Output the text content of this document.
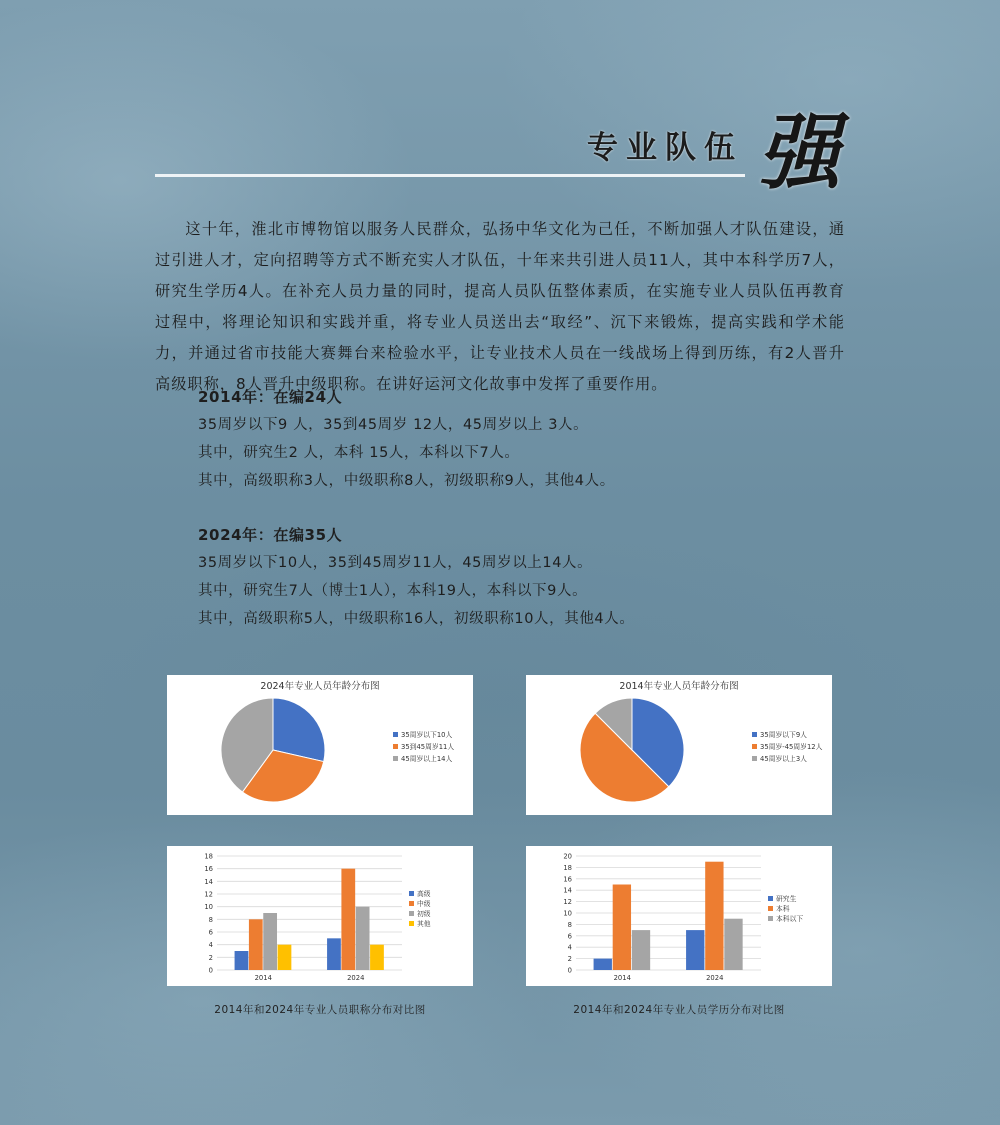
专业队伍 强
这十年，淮北市博物馆以服务人民群众，弘扬中华文化为己任，不断加强人才队伍建设，通过引进人才，定向招聘等方式不断充实人才队伍，十年来共引进人员11人，其中本科学历7人，研究生学历4人。在补充人员力量的同时，提高人员队伍整体素质，在实施专业人员队伍再教育过程中，将理论知识和实践并重，将专业人员送出去“取经”、沉下来锻炼，提高实践和学术能力，并通过省市技能大赛舞台来检验水平，让专业技术人员在一线战场上得到历练，有2人晋升高级职称，8人晋升中级职称。在讲好运河文化故事中发挥了重要作用。
2014年：在编24人
35周岁以下9 人，35到45周岁 12人，45周岁以上 3人。
其中，研究生2 人，本科 15人，本科以下7人。
其中，高级职称3人，中级职称8人，初级职称9人，其他4人。
2024年：在编35人
35周岁以下10人，35到45周岁11人，45周岁以上14人。
其中，研究生7人（博士1人），本科19人，本科以下9人。
其中，高级职称5人，中级职称16人，初级职称10人，其他4人。
2024年专业人员年龄分布图
35周岁以下10人
35到45周岁11人
45周岁以上14人
2014年专业人员年龄分布图
35周岁以下9人
35周岁-45周岁12人
45周岁以上3人
0
2
4
6
8
10
12
14
16
18
2014	2024
高级
中级
初级
其他
0
2
4
6
8
10
12
14
16
18
20
2014	2024
研究生
本科
本科以下
2014年和2024年专业人员职称分布对比图	2014年和2024年专业人员学历分布对比图
